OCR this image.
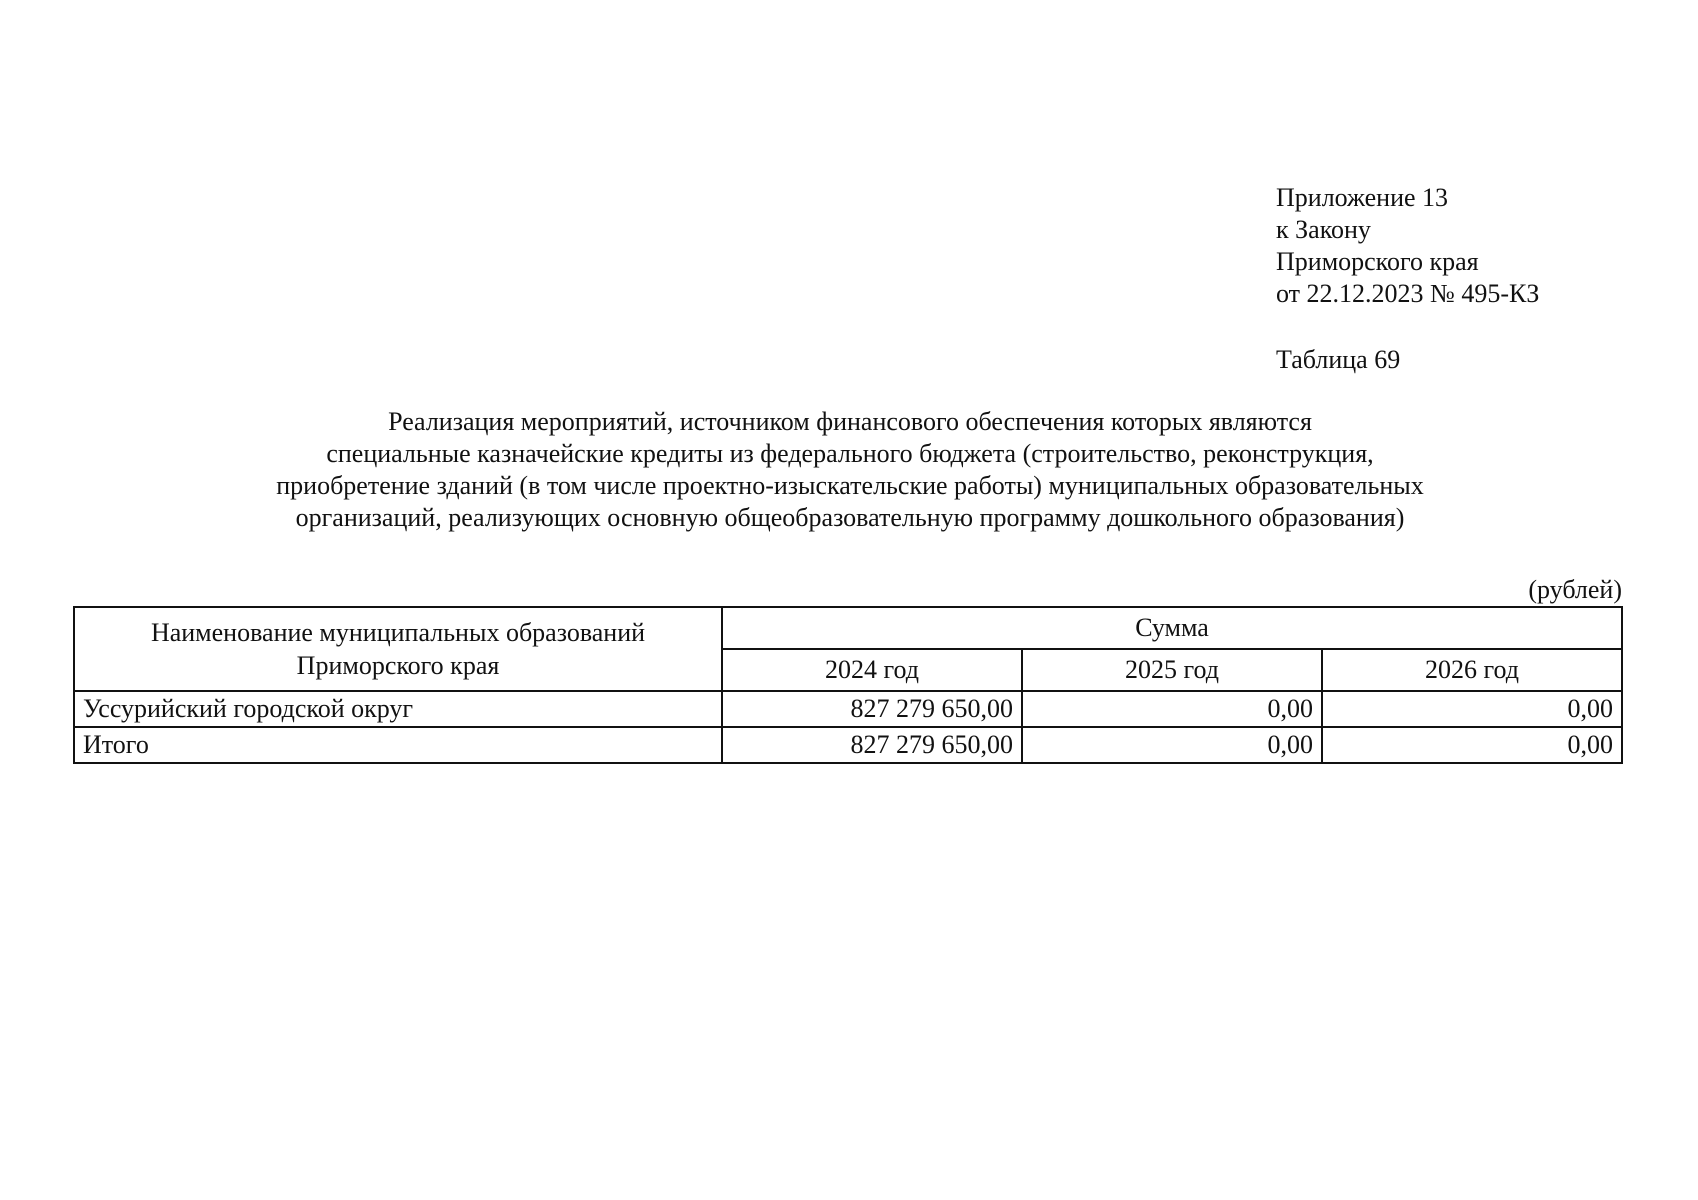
Приложение 13
к Закону
Приморского края
от 22.12.2023 № 495-КЗ
Таблица 69
Реализация мероприятий, источником финансового обеспечения которых являются
специальные казначейские кредиты из федерального бюджета (строительство, реконструкция,
приобретение зданий (в том числе проектно-изыскательские работы) муниципальных образовательных
организаций, реализующих основную общеобразовательную программу дошкольного образования)
(рублей)
Наименование муниципальных образований
Приморского края	Сумма		
	2024 год	2025 год	2026 год
Уссурийский городской округ	827 279 650,00	0,00	0,00
Итого	827 279 650,00	0,00	0,00
